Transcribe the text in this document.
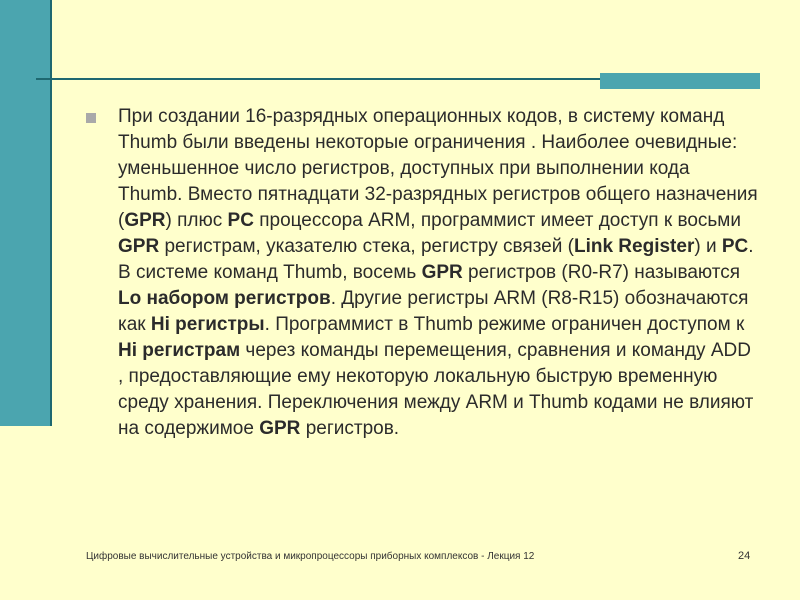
При создании 16-разрядных операционных кодов, в систему команд Thumb были введены некоторые ограничения . Наиболее очевидные: уменьшенное число регистров, доступных при выполнении кода Thumb. Вместо пятнадцати 32-разрядных регистров общего назначения (GPR) плюс PC процессора ARM, программист имеет доступ к восьми GPR регистрам, указателю стека, регистру связей (Link Register) и PC. В системе команд Thumb, восемь GPR регистров (R0-R7) называются Lo набором регистров. Другие регистры ARM (R8-R15) обозначаются как Hi регистры. Программист в Thumb режиме ограничен доступом к Hi регистрам через команды перемещения, сравнения и команду ADD , предоставляющие ему некоторую локальную быструю временную среду хранения. Переключения между ARM и Thumb кодами не влияют на содержимое GPR регистров.
Цифровые вычислительные устройства и микропроцессоры приборных комплексов - Лекция 12	24
